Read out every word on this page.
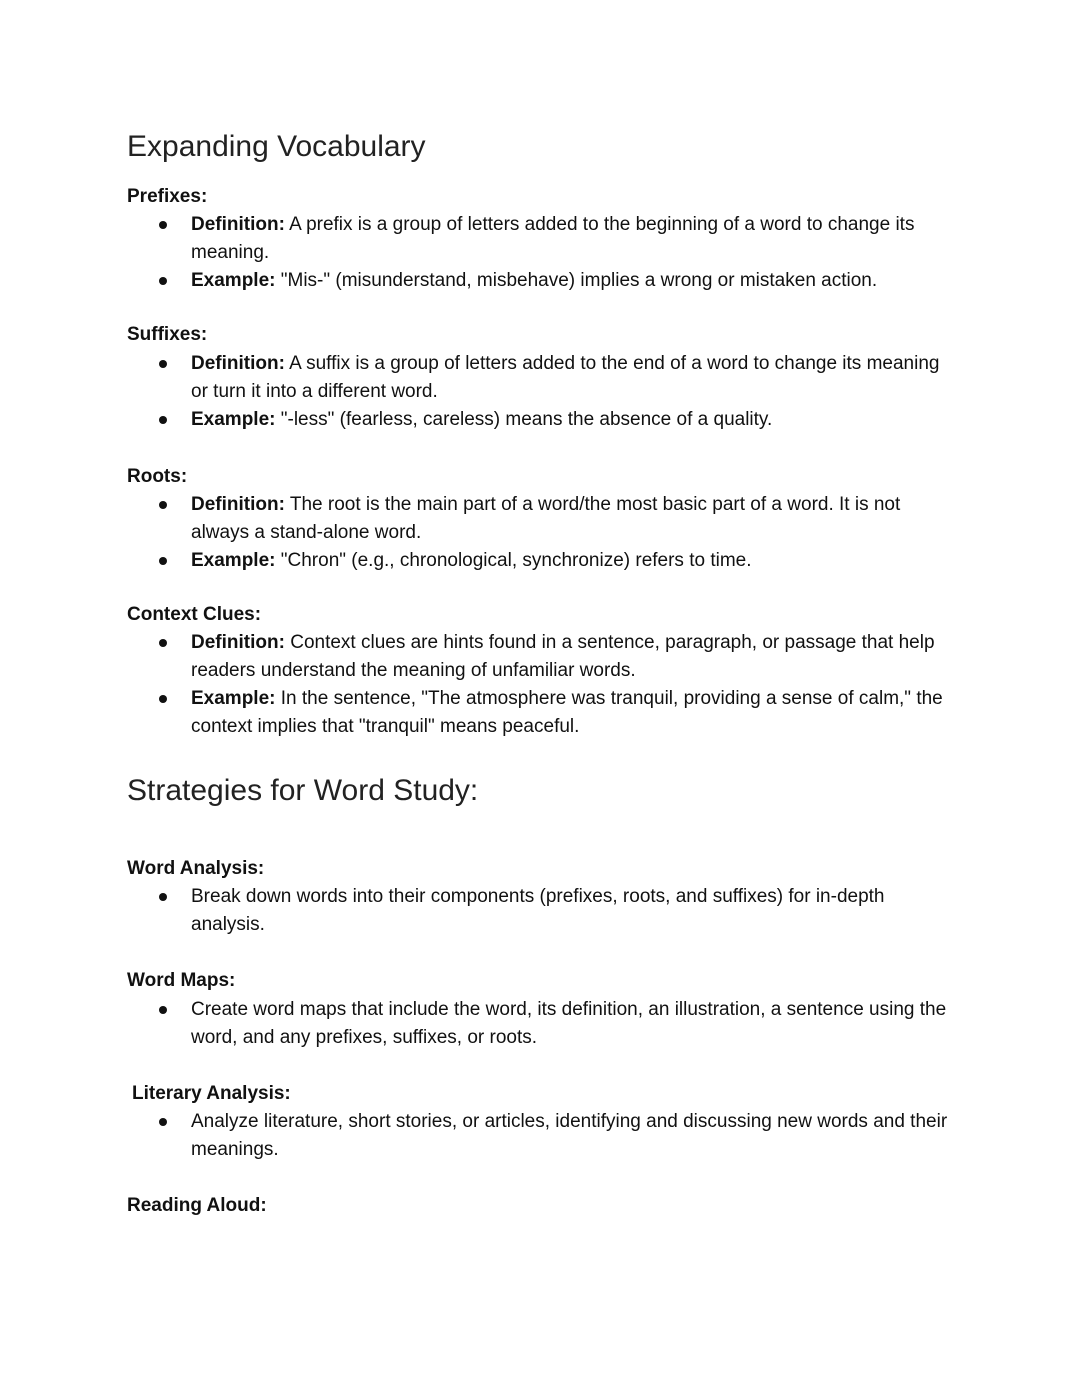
Expanding Vocabulary
Prefixes:
Definition: A prefix is a group of letters added to the beginning of a word to change its meaning.
Example: "Mis-" (misunderstand, misbehave) implies a wrong or mistaken action.
Suffixes:
Definition: A suffix is a group of letters added to the end of a word to change its meaning or turn it into a different word.
Example: "-less" (fearless, careless) means the absence of a quality.
Roots:
Definition: The root is the main part of a word/the most basic part of a word. It is not always a stand-alone word.
Example: "Chron" (e.g., chronological, synchronize) refers to time.
Context Clues:
Definition: Context clues are hints found in a sentence, paragraph, or passage that help readers understand the meaning of unfamiliar words.
Example: In the sentence, "The atmosphere was tranquil, providing a sense of calm," the context implies that "tranquil" means peaceful.
Strategies for Word Study:
Word Analysis:
Break down words into their components (prefixes, roots, and suffixes) for in-depth analysis.
Word Maps:
Create word maps that include the word, its definition, an illustration, a sentence using the word, and any prefixes, suffixes, or roots.
Literary Analysis:
Analyze literature, short stories, or articles, identifying and discussing new words and their meanings.
Reading Aloud:
